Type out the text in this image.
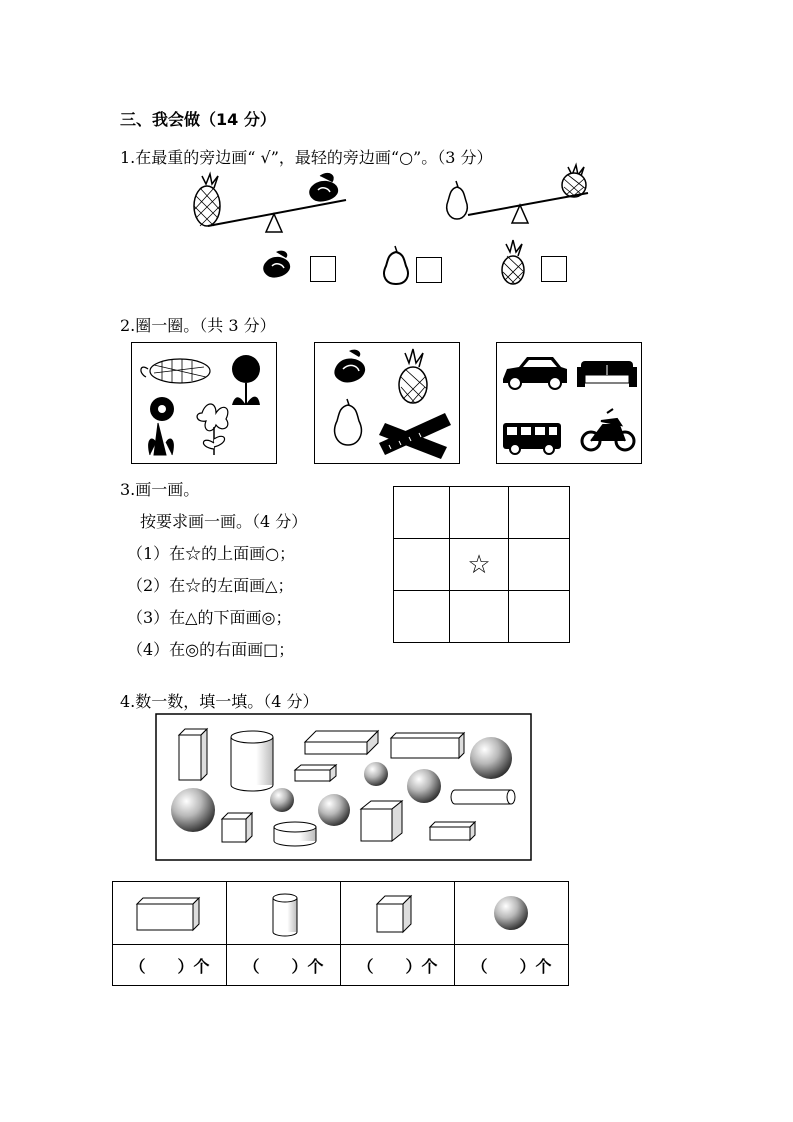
三、我会做（14 分）
1.在最重的旁边画“ √”，最轻的旁边画“○”。（3 分）
2.圈一圈。（共 3 分）
3.画一画。
按要求画一画。（4 分）
（1）在☆的上面画○；
（2）在☆的左面画△；
（3）在△的下面画◎；
（4）在◎的右面画□；

	☆	

4.数一数，填一填。（4 分）

（　　）个	（　　）个	（　　）个	（　　）个
